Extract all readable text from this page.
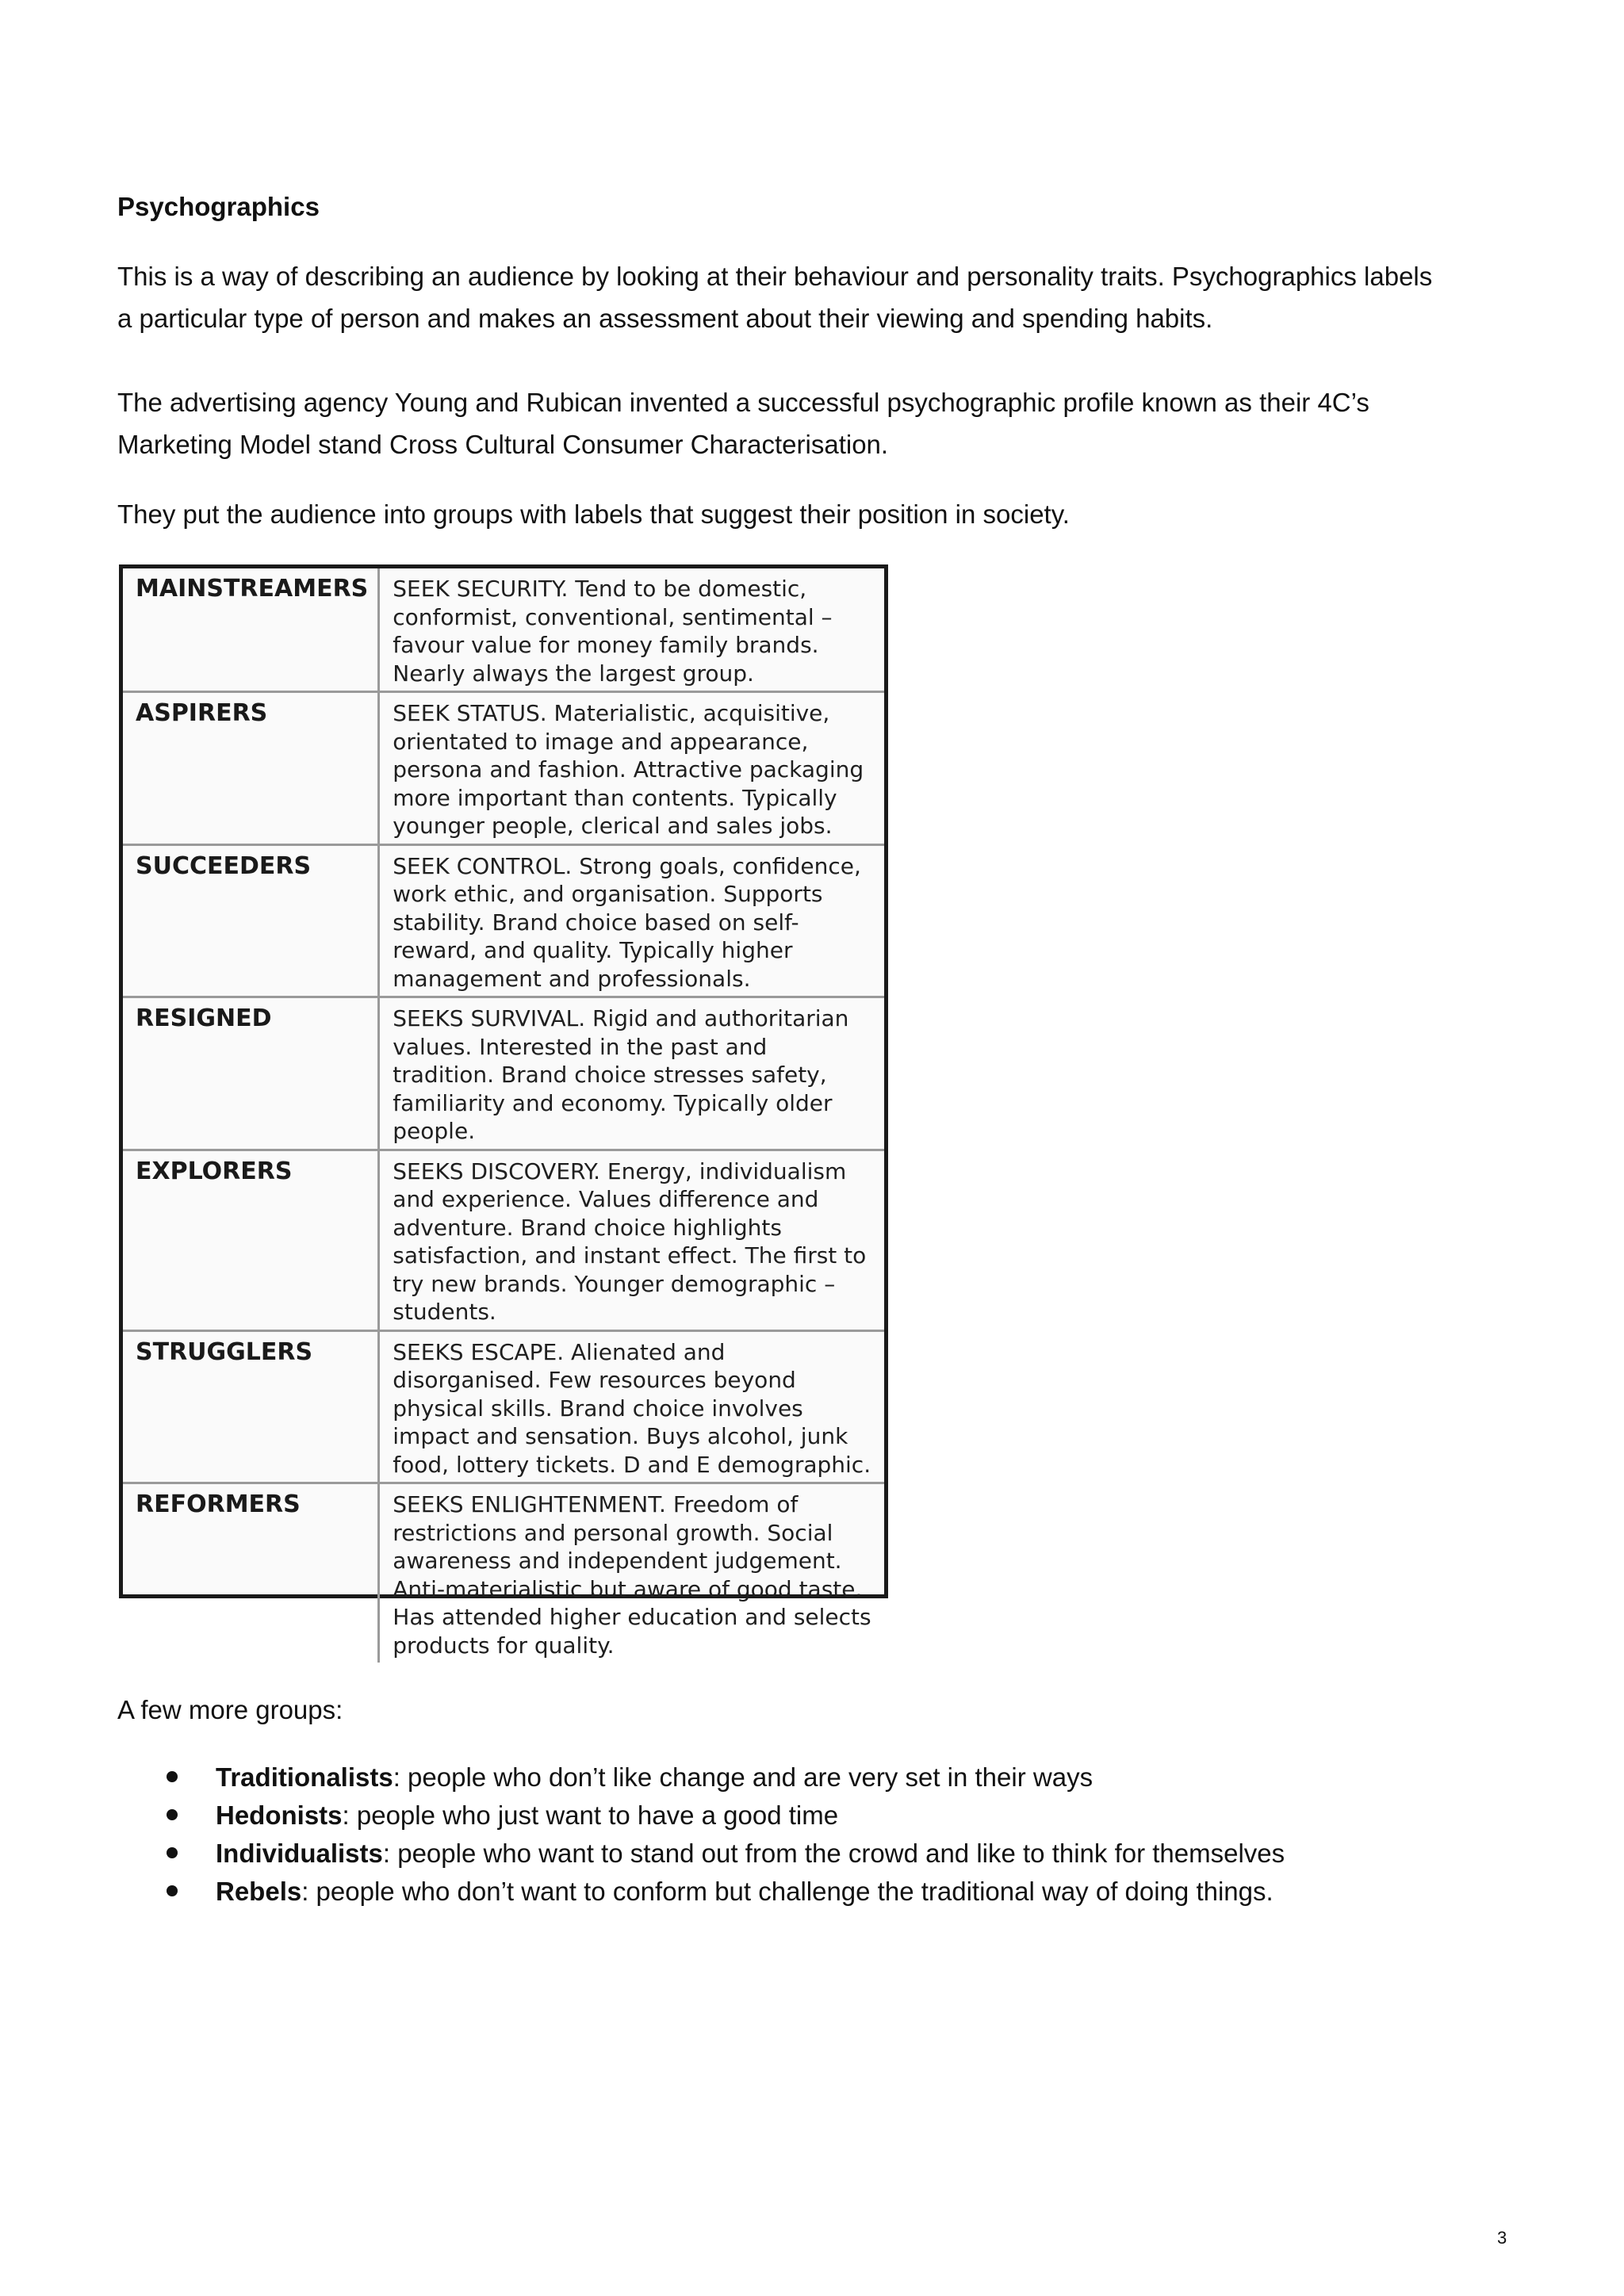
Psychographics

This is a way of describing an audience by looking at their behaviour and personality traits. Psychographics labels

a particular type of person and makes an assessment about their viewing and spending habits.

The advertising agency Young and Rubican invented a successful psychographic profile known as their 4C’s

Marketing Model stand Cross Cultural Consumer Characterisation.

They put the audience into groups with labels that suggest their position in society.

MAINSTREAMERS	SEEK SECURITY. Tend to be domestic, conformist, conventional, sentimental – favour value for money family brands. Nearly always the largest group.
ASPIRERS	SEEK STATUS. Materialistic, acquisitive, orientated to image and appearance, persona and fashion. Attractive packaging more important than contents. Typically younger people, clerical and sales jobs.
SUCCEEDERS	SEEK CONTROL. Strong goals, confidence, work ethic, and organisation. Supports stability. Brand choice based on self-reward, and quality. Typically higher management and professionals.
RESIGNED	SEEKS SURVIVAL. Rigid and authoritarian values. Interested in the past and tradition. Brand choice stresses safety, familiarity and economy. Typically older people.
EXPLORERS	SEEKS DISCOVERY. Energy, individualism and experience. Values difference and adventure. Brand choice highlights satisfaction, and instant effect. The first to try new brands. Younger demographic – students.
STRUGGLERS	SEEKS ESCAPE. Alienated and disorganised. Few resources beyond physical skills. Brand choice involves impact and sensation. Buys alcohol, junk food, lottery tickets. D and E demographic.
REFORMERS	SEEKS ENLIGHTENMENT. Freedom of restrictions and personal growth. Social awareness and independent judgement. Anti-materialistic but aware of good taste. Has attended higher education and selects products for quality.

A few more groups:

Traditionalists: people who don’t like change and are very set in their ways
Hedonists: people who just want to have a good time
Individualists: people who want to stand out from the crowd and like to think for themselves
Rebels: people who don’t want to conform but challenge the traditional way of doing things.
3
